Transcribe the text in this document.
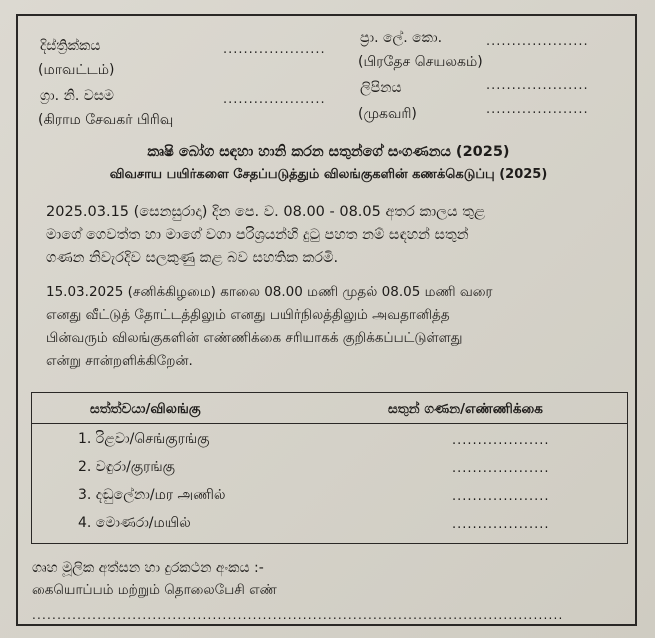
දිස්ත්‍රික්කය	....................
(மாவட்டம்)
ග්‍රා. නි. වසම	....................
(கிராம சேவகர் பிரிவு
ප්‍රා. ලේ. කො.	....................
(பிரதேச செயலகம்)
ලිපිනය	....................
....................
(முகவரி)
කෘෂි බෝග සඳහා හානි කරන සතුන්ගේ සංගණනය (2025)
விவசாய பயிர்களை சேதப்படுத்தும் விலங்குகளின் கணக்கெடுப்பு (2025)
2025.03.15 (සෙනසුරාදා) දින පෙ. ව. 08.00 - 08.05 අතර කාලය තුළ
මාගේ ගෙවත්ත හා මාගේ වගා පරිශ්‍රයන්හි දුටු පහත නම් සඳහන් සතුන්
ගණන නිවැරදිව සලකුණු කළ බව සහතික කරමි.
15.03.2025 (சனிக்கிழமை) காலை 08.00 மணி முதல் 08.05 மணி வரை
எனது வீட்டுத் தோட்டத்திலும் எனது பயிர்நிலத்திலும் அவதானித்த
பின்வரும் விலங்குகளின் எண்ணிக்கை சரியாகக் குறிக்கப்பட்டுள்ளது
என்று சான்றளிக்கிறேன்.
සත්ත්වයා/விலங்கு	සතුන් ගණන/எண்ணிக்கை
1. රිළවා/செங்குரங்கு	...................
2. වඳුරා/குரங்கு	...................
3. දඬුලේනා/மர அணில்	...................
4. මොණරා/மயில்	...................
ගෘහ මූලික අත්සන හා දුරකථන අංකය :-
கையொப்பம் மற்றும் தொலைபேசி எண்
..........................................................................................................
